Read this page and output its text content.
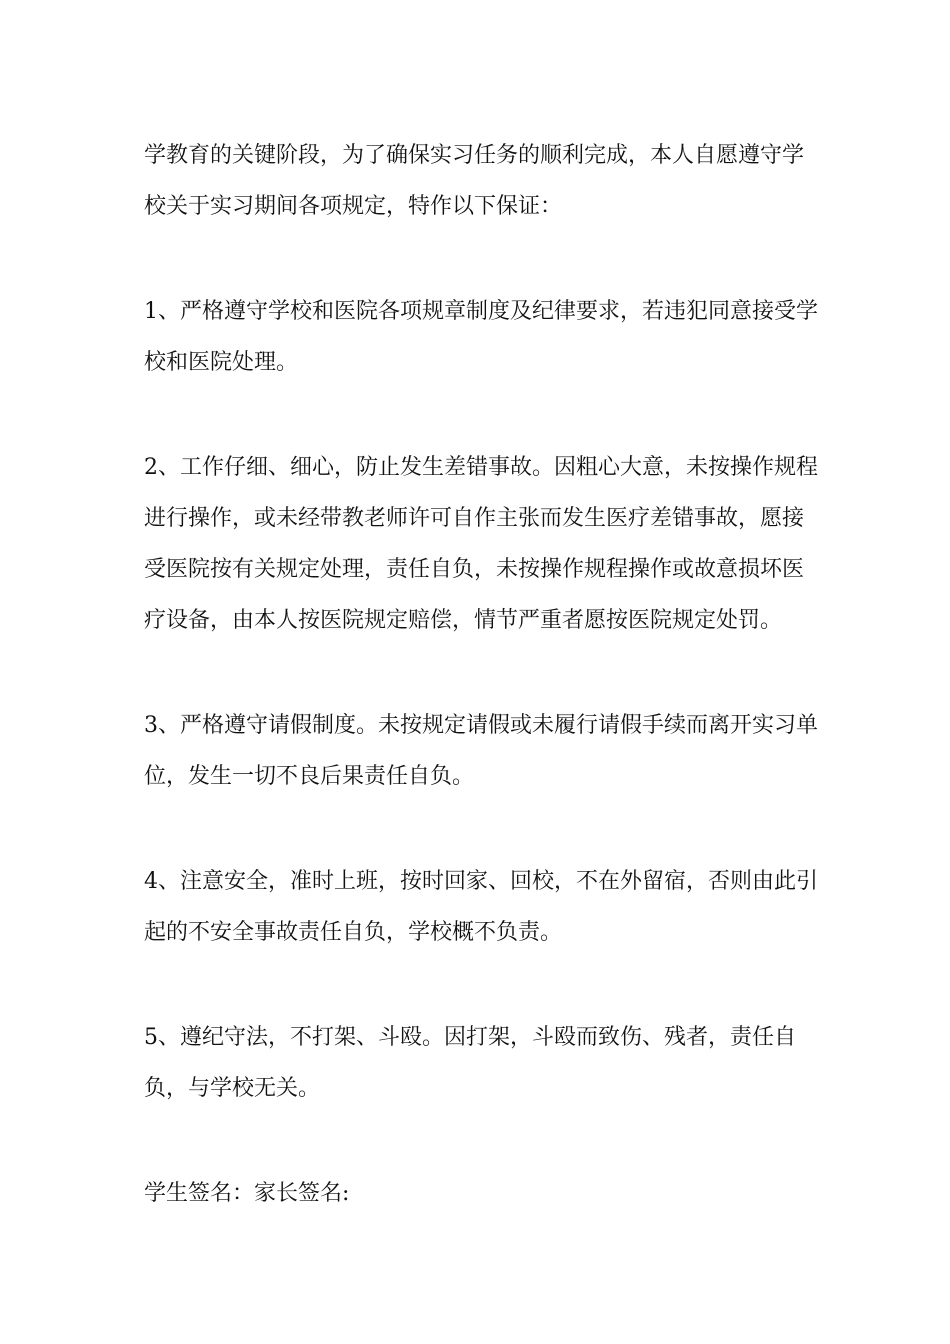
学教育的关键阶段，为了确保实习任务的顺利完成，本人自愿遵守学校关于实习期间各项规定，特作以下保证：

1、严格遵守学校和医院各项规章制度及纪律要求，若违犯同意接受学校和医院处理。

2、工作仔细、细心，防止发生差错事故。因粗心大意，未按操作规程进行操作，或未经带教老师许可自作主张而发生医疗差错事故，愿接受医院按有关规定处理，责任自负，未按操作规程操作或故意损坏医疗设备，由本人按医院规定赔偿，情节严重者愿按医院规定处罚。

3、严格遵守请假制度。未按规定请假或未履行请假手续而离开实习单位，发生一切不良后果责任自负。

4、注意安全，准时上班，按时回家、回校，不在外留宿，否则由此引起的不安全事故责任自负，学校概不负责。

5、遵纪守法，不打架、斗殴。因打架，斗殴而致伤、残者，责任自负，与学校无关。

学生签名：家长签名:
